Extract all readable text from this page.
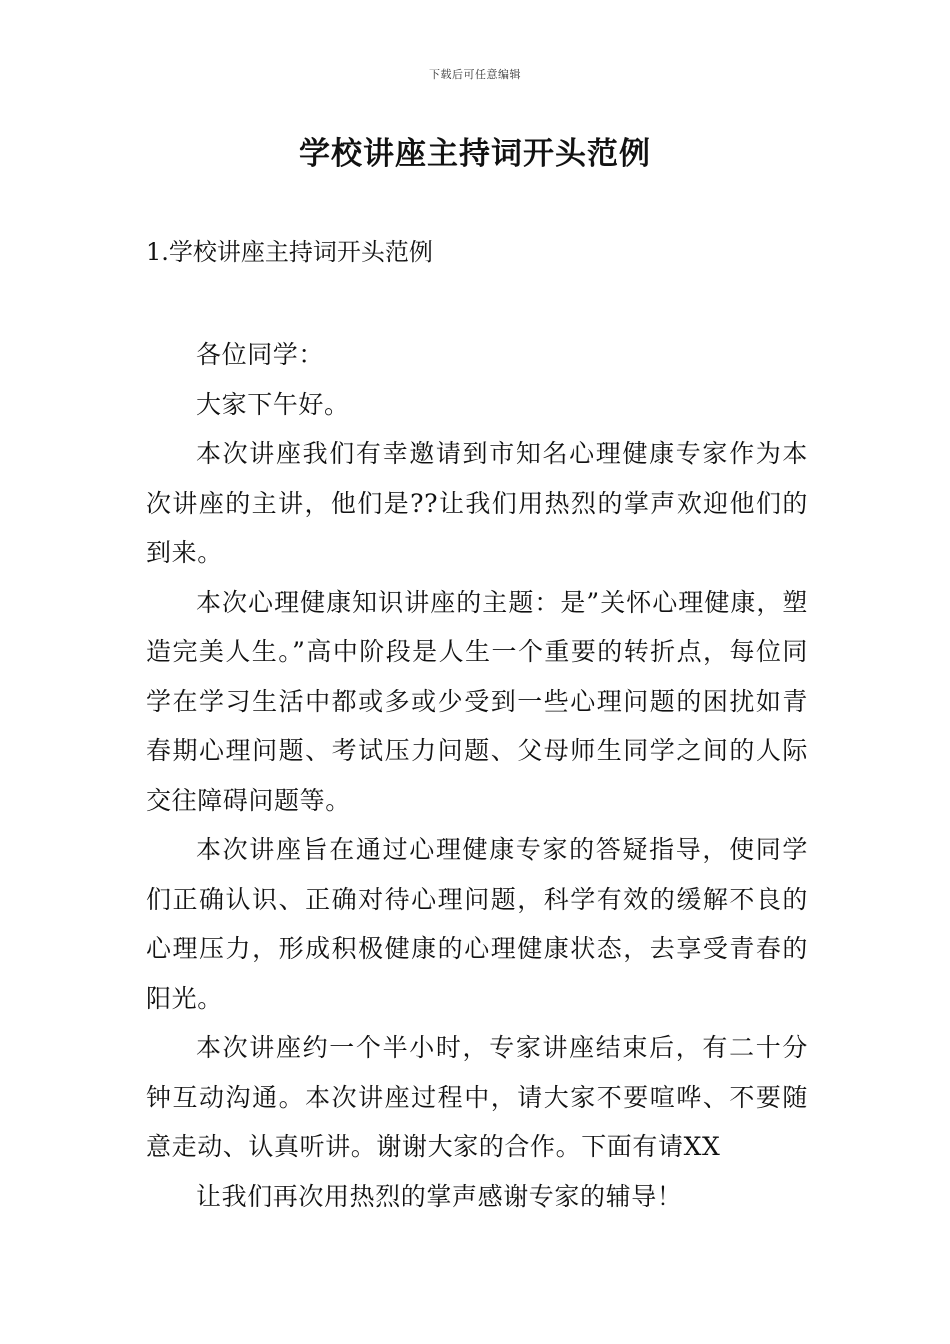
下载后可任意编辑
学校讲座主持词开头范例
1.学校讲座主持词开头范例

各位同学：

大家下午好。

本次讲座我们有幸邀请到市知名心理健康专家作为本次讲座的主讲，他们是??让我们用热烈的掌声欢迎他们的到来。

本次心理健康知识讲座的主题：是”关怀心理健康，塑造完美人生。”高中阶段是人生一个重要的转折点，每位同学在学习生活中都或多或少受到一些心理问题的困扰如青春期心理问题、考试压力问题、父母师生同学之间的人际交往障碍问题等。

本次讲座旨在通过心理健康专家的答疑指导，使同学们正确认识、正确对待心理问题，科学有效的缓解不良的心理压力，形成积极健康的心理健康状态，去享受青春的阳光。

本次讲座约一个半小时，专家讲座结束后，有二十分钟互动沟通。本次讲座过程中，请大家不要喧哗、不要随意走动、认真听讲。谢谢大家的合作。下面有请XX

让我们再次用热烈的掌声感谢专家的辅导！
